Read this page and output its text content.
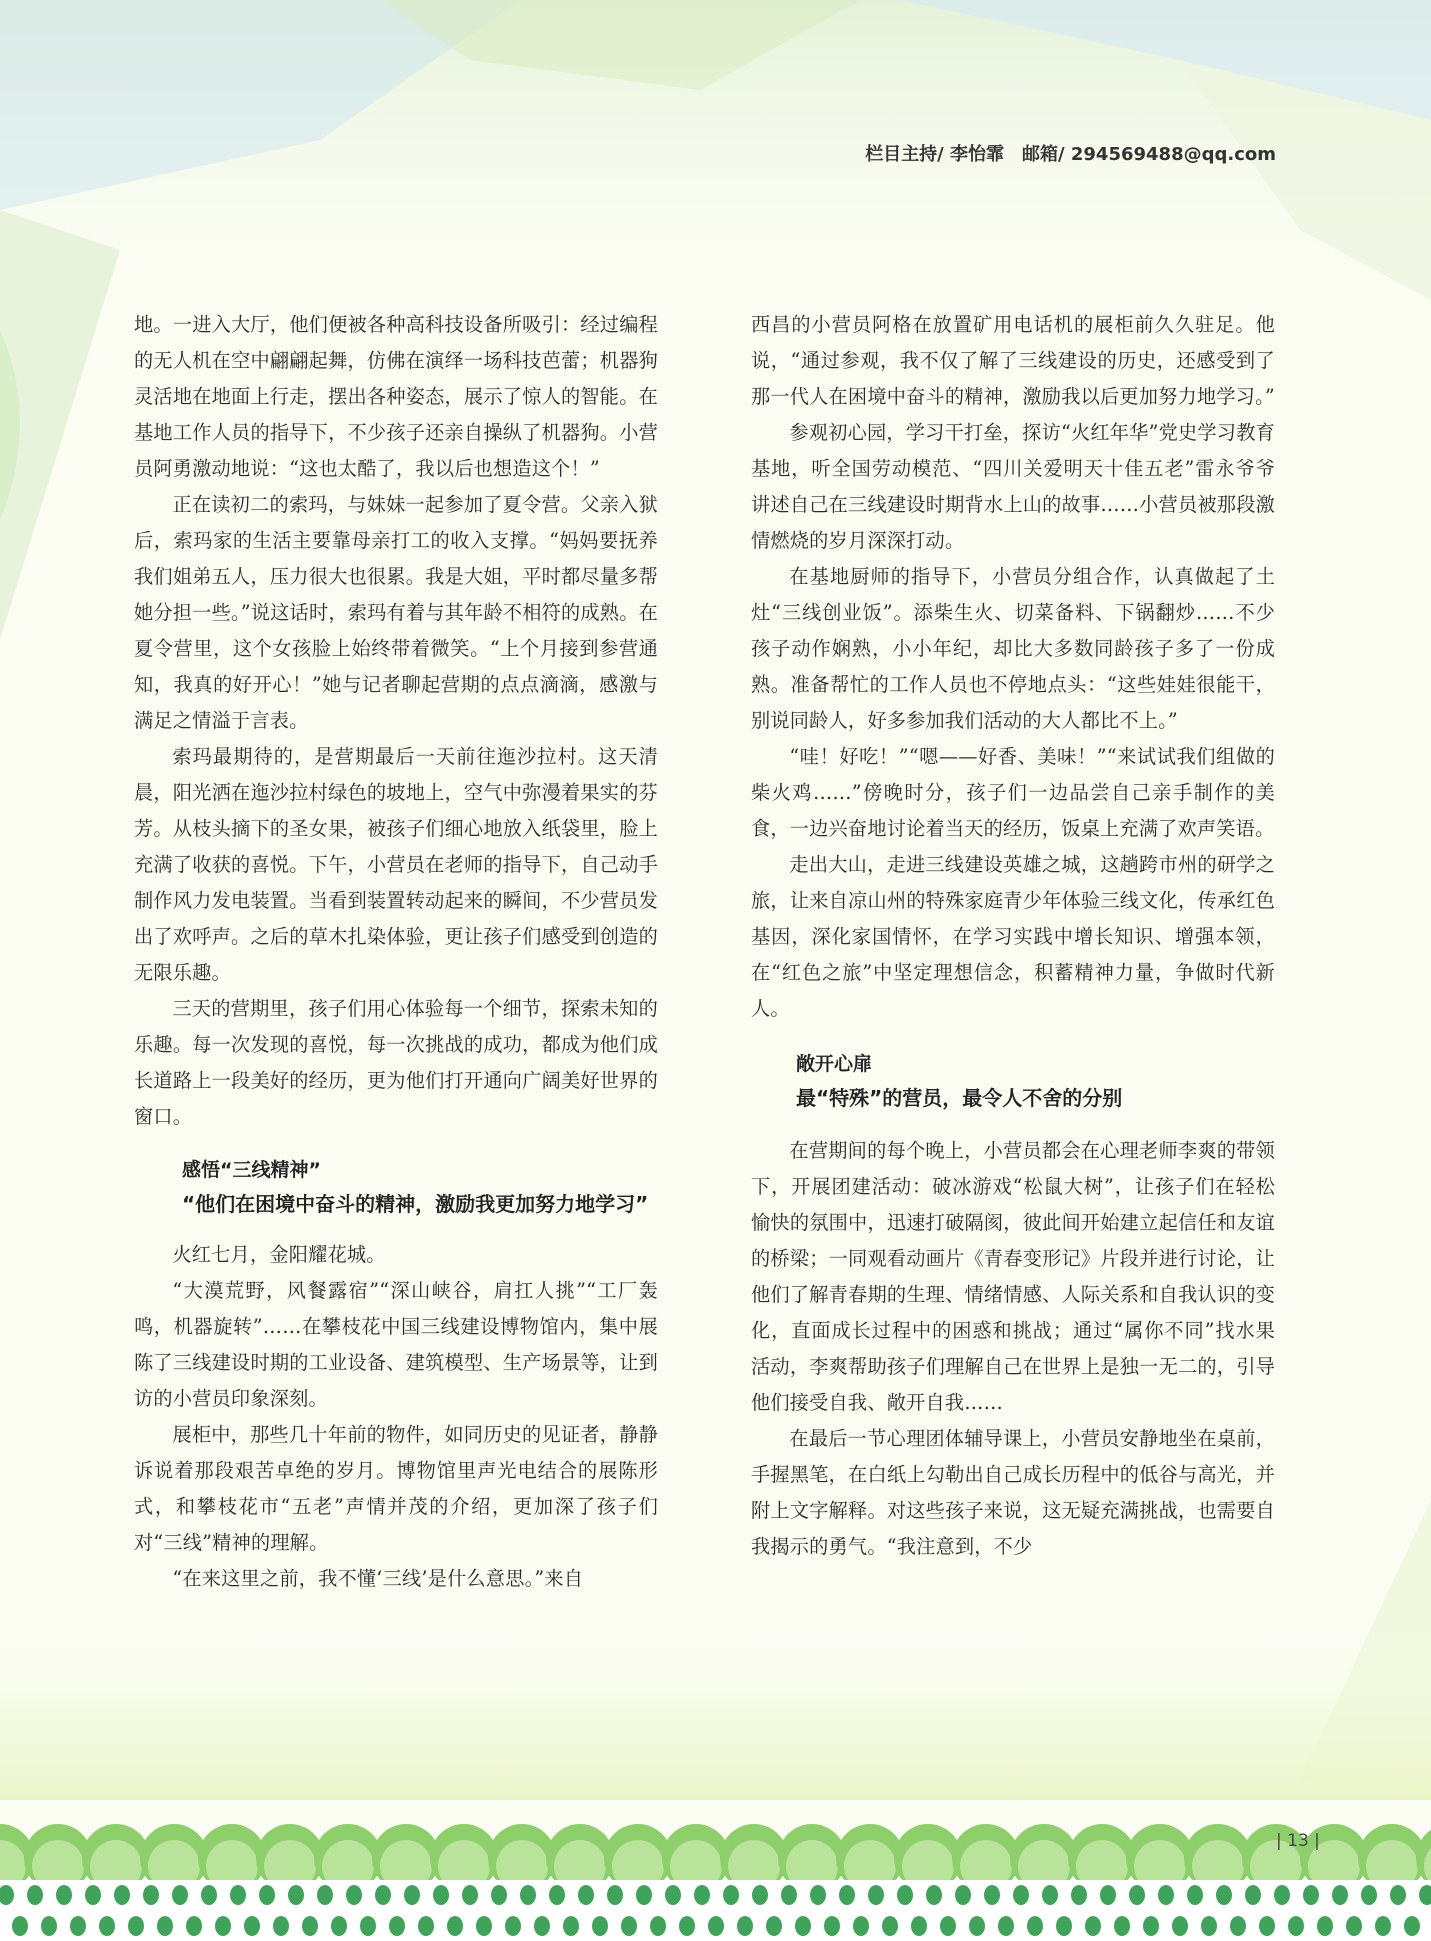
栏目主持/ 李怡霏　邮箱/ 294569488@qq.com

地。一进入大厅，他们便被各种高科技设备所吸引：经过编程的无人机在空中翩翩起舞，仿佛在演绎一场科技芭蕾；机器狗灵活地在地面上行走，摆出各种姿态，展示了惊人的智能。在基地工作人员的指导下，不少孩子还亲自操纵了机器狗。小营员阿勇激动地说：“这也太酷了，我以后也想造这个！”

正在读初二的索玛，与妹妹一起参加了夏令营。父亲入狱后，索玛家的生活主要靠母亲打工的收入支撑。“妈妈要抚养我们姐弟五人，压力很大也很累。我是大姐，平时都尽量多帮她分担一些。”说这话时，索玛有着与其年龄不相符的成熟。在夏令营里，这个女孩脸上始终带着微笑。“上个月接到参营通知，我真的好开心！”她与记者聊起营期的点点滴滴，感激与满足之情溢于言表。

索玛最期待的，是营期最后一天前往迤沙拉村。这天清晨，阳光洒在迤沙拉村绿色的坡地上，空气中弥漫着果实的芬芳。从枝头摘下的圣女果，被孩子们细心地放入纸袋里，脸上充满了收获的喜悦。下午，小营员在老师的指导下，自己动手制作风力发电装置。当看到装置转动起来的瞬间，不少营员发出了欢呼声。之后的草木扎染体验，更让孩子们感受到创造的无限乐趣。

三天的营期里，孩子们用心体验每一个细节，探索未知的乐趣。每一次发现的喜悦，每一次挑战的成功，都成为他们成长道路上一段美好的经历，更为他们打开通向广阔美好世界的窗口。

感悟“三线精神”
“他们在困境中奋斗的精神，激励我更加努力地学习”

火红七月，金阳耀花城。

“大漠荒野，风餐露宿”“深山峡谷，肩扛人挑”“工厂轰鸣，机器旋转”……在攀枝花中国三线建设博物馆内，集中展陈了三线建设时期的工业设备、建筑模型、生产场景等，让到访的小营员印象深刻。

展柜中，那些几十年前的物件，如同历史的见证者，静静诉说着那段艰苦卓绝的岁月。博物馆里声光电结合的展陈形式，和攀枝花市“五老”声情并茂的介绍，更加深了孩子们对“三线”精神的理解。

“在来这里之前，我不懂‘三线’是什么意思。”来自

西昌的小营员阿格在放置矿用电话机的展柜前久久驻足。他说，“通过参观，我不仅了解了三线建设的历史，还感受到了那一代人在困境中奋斗的精神，激励我以后更加努力地学习。”

参观初心园，学习干打垒，探访“火红年华”党史学习教育基地，听全国劳动模范、“四川关爱明天十佳五老”雷永爷爷讲述自己在三线建设时期背水上山的故事……小营员被那段激情燃烧的岁月深深打动。

在基地厨师的指导下，小营员分组合作，认真做起了土灶“三线创业饭”。添柴生火、切菜备料、下锅翻炒……不少孩子动作娴熟，小小年纪，却比大多数同龄孩子多了一份成熟。准备帮忙的工作人员也不停地点头：“这些娃娃很能干，别说同龄人，好多参加我们活动的大人都比不上。”

“哇！好吃！”“嗯——好香、美味！”“来试试我们组做的柴火鸡……”傍晚时分，孩子们一边品尝自己亲手制作的美食，一边兴奋地讨论着当天的经历，饭桌上充满了欢声笑语。

走出大山，走进三线建设英雄之城，这趟跨市州的研学之旅，让来自凉山州的特殊家庭青少年体验三线文化，传承红色基因，深化家国情怀，在学习实践中增长知识、增强本领，在“红色之旅”中坚定理想信念，积蓄精神力量，争做时代新人。

敞开心扉
最“特殊”的营员，最令人不舍的分别

在营期间的每个晚上，小营员都会在心理老师李爽的带领下，开展团建活动：破冰游戏“松鼠大树”，让孩子们在轻松愉快的氛围中，迅速打破隔阂，彼此间开始建立起信任和友谊的桥梁；一同观看动画片《青春变形记》片段并进行讨论，让他们了解青春期的生理、情绪情感、人际关系和自我认识的变化，直面成长过程中的困惑和挑战；通过“属你不同”找水果活动，李爽帮助孩子们理解自己在世界上是独一无二的，引导他们接受自我、敞开自我……

在最后一节心理团体辅导课上，小营员安静地坐在桌前，手握黑笔，在白纸上勾勒出自己成长历程中的低谷与高光，并附上文字解释。对这些孩子来说，这无疑充满挑战，也需要自我揭示的勇气。“我注意到，不少

| 13 |
